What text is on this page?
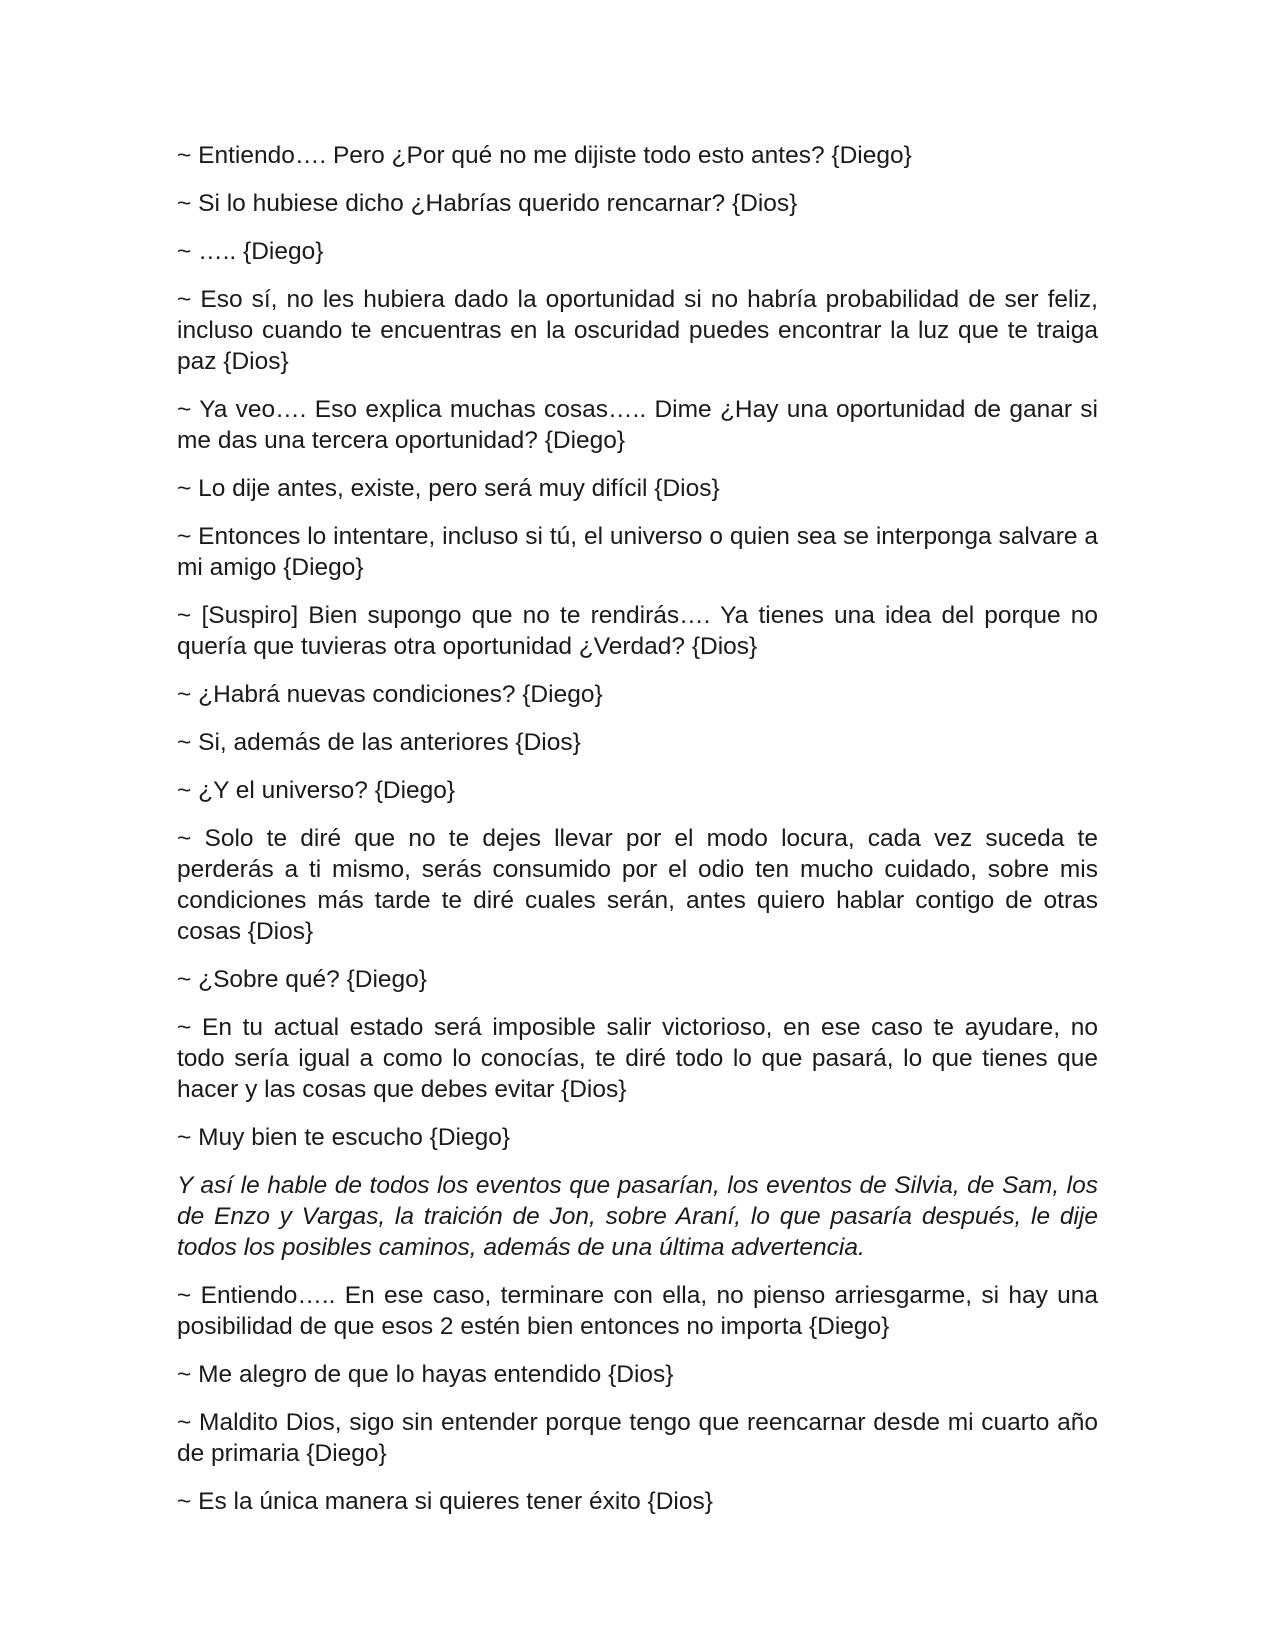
~ Entiendo…. Pero ¿Por qué no me dijiste todo esto antes? {Diego}

~ Si lo hubiese dicho ¿Habrías querido rencarnar? {Dios}

~ ….. {Diego}

~ Eso sí, no les hubiera dado la oportunidad si no habría probabilidad de ser feliz, incluso cuando te encuentras en la oscuridad puedes encontrar la luz que te traiga paz {Dios}

~ Ya veo…. Eso explica muchas cosas….. Dime ¿Hay una oportunidad de ganar si me das una tercera oportunidad? {Diego}

~ Lo dije antes, existe, pero será muy difícil {Dios}

~ Entonces lo intentare, incluso si tú, el universo o quien sea se interponga salvare a mi amigo {Diego}

~ [Suspiro] Bien supongo que no te rendirás…. Ya tienes una idea del porque no quería que tuvieras otra oportunidad ¿Verdad? {Dios}

~ ¿Habrá nuevas condiciones? {Diego}

~ Si, además de las anteriores {Dios}

~ ¿Y el universo? {Diego}

~ Solo te diré que no te dejes llevar por el modo locura, cada vez suceda te perderás a ti mismo, serás consumido por el odio ten mucho cuidado, sobre mis condiciones más tarde te diré cuales serán, antes quiero hablar contigo de otras cosas {Dios}

~ ¿Sobre qué? {Diego}

~ En tu actual estado será imposible salir victorioso, en ese caso te ayudare, no todo sería igual a como lo conocías, te diré todo lo que pasará, lo que tienes que hacer y las cosas que debes evitar {Dios}

~ Muy bien te escucho {Diego}

Y así le hable de todos los eventos que pasarían, los eventos de Silvia, de Sam, los de Enzo y Vargas, la traición de Jon, sobre Araní, lo que pasaría después, le dije todos los posibles caminos, además de una última advertencia.

~ Entiendo….. En ese caso, terminare con ella, no pienso arriesgarme, si hay una posibilidad de que esos 2 estén bien entonces no importa {Diego}

~ Me alegro de que lo hayas entendido {Dios}

~ Maldito Dios, sigo sin entender porque tengo que reencarnar desde mi cuarto año de primaria {Diego}

~ Es la única manera si quieres tener éxito {Dios}
